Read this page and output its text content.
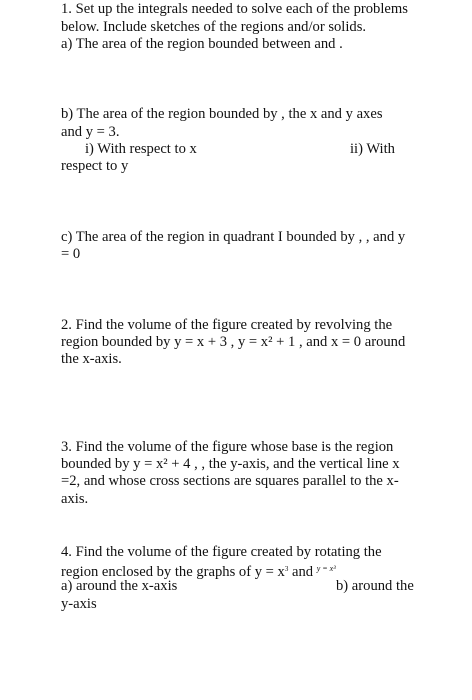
1. Set up the integrals needed to solve each of the problems
below. Include sketches of the regions and/or solids.
a) The area of the region bounded between and .
b) The area of the region bounded by , the x and y axes
and y = 3.
i) With respect to x	ii) With
respect to y
c) The area of the region in quadrant I bounded by , , and y
= 0
2. Find the volume of the figure created by revolving the
region bounded by y = x + 3 , y = x² + 1 , and x = 0 around
the x-axis.
3. Find the volume of the figure whose base is the region
bounded by y = x² + 4 , , the y-axis, and the vertical line x
=2, and whose cross sections are squares parallel to the x-
axis.
4. Find the volume of the figure created by rotating the
region enclosed by the graphs of $y = x^3$ and $^{y = x^3}$
a) around the x-axis	b) around the
y-axis
